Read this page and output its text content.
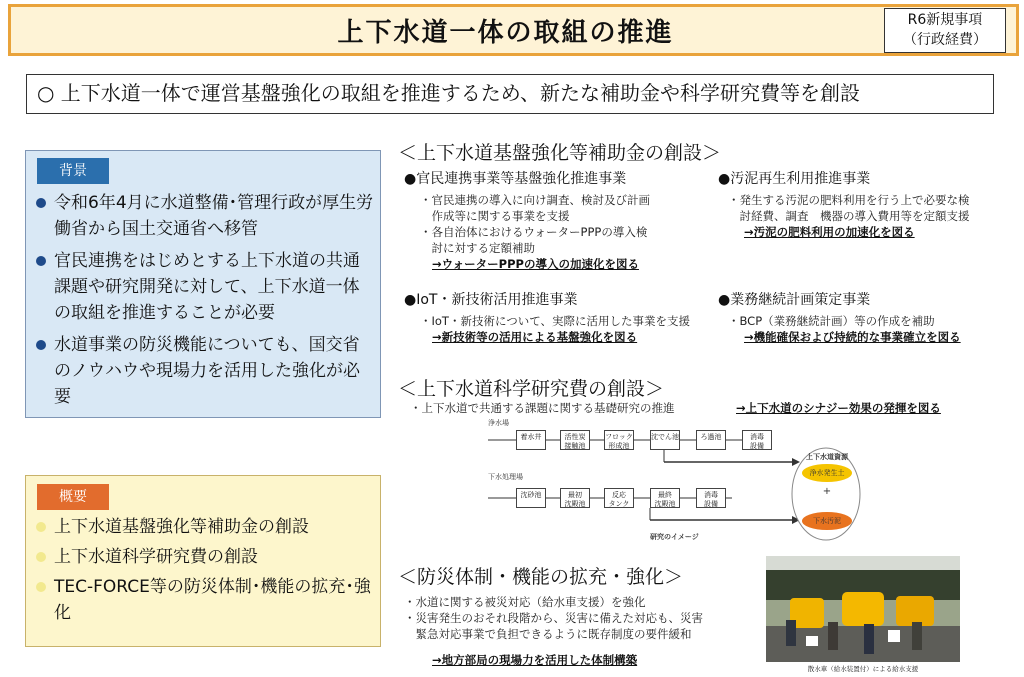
上下水道一体の取組の推進	R6新規事項
（行政経費）
○ 上下水道一体で運営基盤強化の取組を推進するため、新たな補助金や科学研究費等を創設
背景
令和6年4月に水道整備･管理行政が厚生労働省から国土交通省へ移管
官民連携をはじめとする上下水道の共通課題や研究開発に対して、上下水道一体の取組を推進することが必要
水道事業の防災機能についても、国交省のノウハウや現場力を活用した強化が必要
概要
上下水道基盤強化等補助金の創設
上下水道科学研究費の創設
TEC-FORCE等の防災体制･機能の拡充･強化
＜上下水道基盤強化等補助金の創設＞
●官民連携事業等基盤強化推進事業
・官民連携の導入に向け調査、検討及び計画
　作成等に関する事業を支援
・各自治体におけるウォーターPPPの導入検
　討に対する定額補助
→ウォーターPPPの導入の加速化を図る
●汚泥再生利用推進事業
・発生する汚泥の肥料利用を行う上で必要な検
　討経費、調査　機器の導入費用等を定額支援
→汚泥の肥料利用の加速化を図る
●IoT・新技術活用推進事業
・IoT・新技術について、実際に活用した事業を支援
→新技術等の活用による基盤強化を図る
●業務継続計画策定事業
・BCP（業務継続計画）等の作成を補助
→機能確保および持続的な事業確立を図る
＜上下水道科学研究費の創設＞
・上下水道で共通する課題に関する基礎研究の推進	→上下水道のシナジー効果の発揮を図る
浄水場
着水井	活性炭
接触池
フロック
形成池
沈でん池	ろ過池	消毒
設備
下水処理場
沈砂池	最初
沈殿池
反応
タンク
最終
沈殿池
消毒
設備
上下水道資源
浄水発生土
+
下水汚泥
研究のイメージ
＜防災体制・機能の拡充・強化＞
・水道に関する被災対応（給水車支援）を強化
・災害発生のおそれ段階から、災害に備えた対応も、災害
　緊急対応事業で負担できるように既存制度の要件緩和
→地方部局の現場力を活用した体制構築
散水車（給水装置付）による給水支援
